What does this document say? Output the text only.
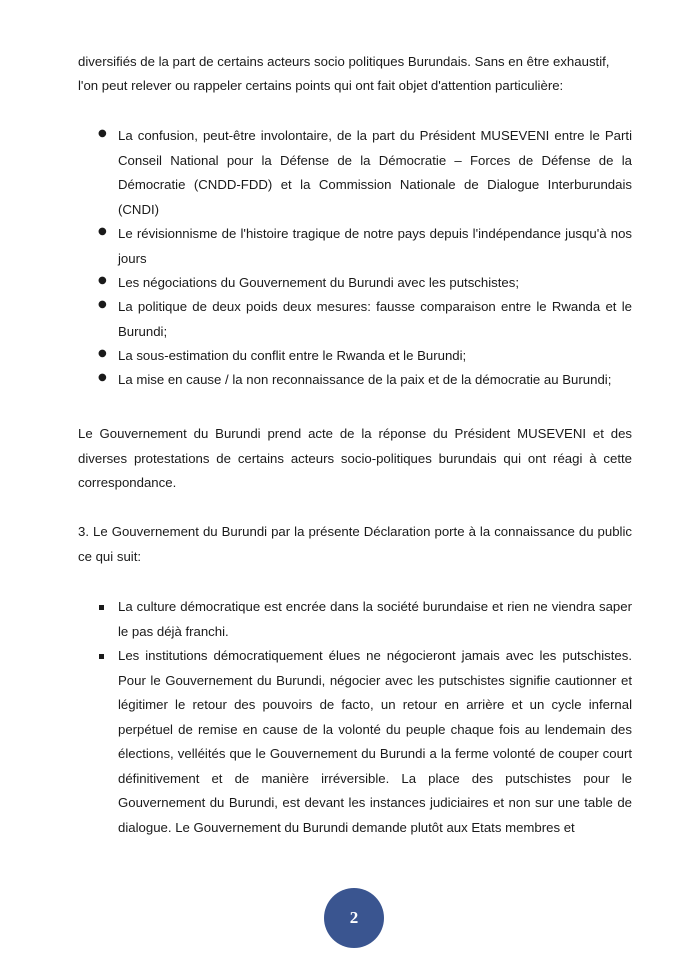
diversifiés de la part de certains acteurs socio politiques Burundais. Sans en être exhaustif,
l'on peut relever ou rappeler certains points qui ont fait objet d'attention particulière:
● La confusion, peut-être involontaire, de la part du Président MUSEVENI entre le Parti Conseil National pour la Défense de la Démocratie – Forces de Défense de la Démocratie (CNDD-FDD) et la Commission Nationale de Dialogue Interburundais (CNDI)
● Le révisionnisme de l'histoire tragique de notre pays depuis l'indépendance jusqu'à nos jours
● Les négociations du Gouvernement du Burundi avec les putschistes;
● La politique de deux poids deux mesures: fausse comparaison entre le Rwanda et le Burundi;
● La sous-estimation du conflit entre le Rwanda et le Burundi;
● La mise en cause / la non reconnaissance de la paix et de la démocratie au Burundi;
Le Gouvernement du Burundi prend acte de la réponse du Président MUSEVENI et des diverses protestations de certains acteurs socio-politiques burundais qui ont réagi à cette correspondance.
3. Le Gouvernement du Burundi par la présente Déclaration porte à la connaissance du public ce qui suit:
La culture démocratique est encrée dans la société burundaise et rien ne viendra saper le pas déjà franchi.
Les institutions démocratiquement élues ne négocieront jamais avec les putschistes. Pour le Gouvernement du Burundi, négocier avec les putschistes signifie cautionner et légitimer le retour des pouvoirs de facto, un retour en arrière et un cycle infernal perpétuel de remise en cause de la volonté du peuple chaque fois au lendemain des élections, velléités que le Gouvernement du Burundi a la ferme volonté de couper court définitivement et de manière irréversible. La place des putschistes pour le Gouvernement du Burundi, est devant les instances judiciaires et non sur une table de dialogue. Le Gouvernement du Burundi demande plutôt aux Etats membres et
2
